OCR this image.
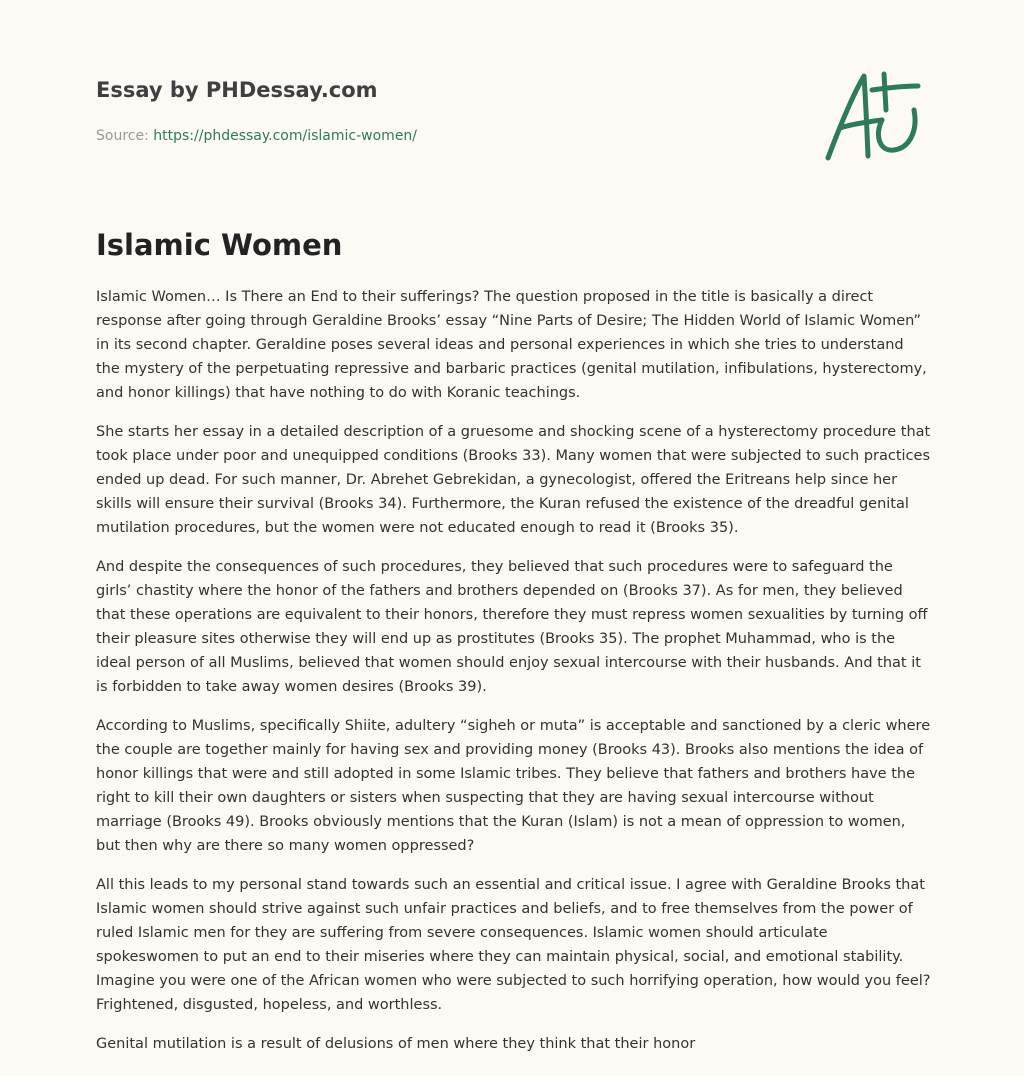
Essay by PHDessay.com
Source: https://phdessay.com/islamic-women/
Islamic Women

Islamic Women… Is There an End to their sufferings? The question proposed in the title is basically a direct response after going through Geraldine Brooks’ essay “Nine Parts of Desire; The Hidden World of Islamic Women” in its second chapter. Geraldine poses several ideas and personal experiences in which she tries to understand the mystery of the perpetuating repressive and barbaric practices (genital mutilation, infibulations, hysterectomy, and honor killings) that have nothing to do with Koranic teachings.

She starts her essay in a detailed description of a gruesome and shocking scene of a hysterectomy procedure that took place under poor and unequipped conditions (Brooks 33). Many women that were subjected to such practices ended up dead. For such manner, Dr. Abrehet Gebrekidan, a gynecologist, offered the Eritreans help since her skills will ensure their survival (Brooks 34). Furthermore, the Kuran refused the existence of the dreadful genital mutilation procedures, but the women were not educated enough to read it (Brooks 35).

And despite the consequences of such procedures, they believed that such procedures were to safeguard the girls’ chastity where the honor of the fathers and brothers depended on (Brooks 37). As for men, they believed that these operations are equivalent to their honors, therefore they must repress women sexualities by turning off their pleasure sites otherwise they will end up as prostitutes (Brooks 35). The prophet Muhammad, who is the ideal person of all Muslims, believed that women should enjoy sexual intercourse with their husbands. And that it is forbidden to take away women desires (Brooks 39).

According to Muslims, specifically Shiite, adultery “sigheh or muta” is acceptable and sanctioned by a cleric where the couple are together mainly for having sex and providing money (Brooks 43). Brooks also mentions the idea of honor killings that were and still adopted in some Islamic tribes. They believe that fathers and brothers have the right to kill their own daughters or sisters when suspecting that they are having sexual intercourse without marriage (Brooks 49). Brooks obviously mentions that the Kuran (Islam) is not a mean of oppression to women, but then why are there so many women oppressed?

All this leads to my personal stand towards such an essential and critical issue. I agree with Geraldine Brooks that Islamic women should strive against such unfair practices and beliefs, and to free themselves from the power of ruled Islamic men for they are suffering from severe consequences. Islamic women should articulate spokeswomen to put an end to their miseries where they can maintain physical, social, and emotional stability. Imagine you were one of the African women who were subjected to such horrifying operation, how would you feel? Frightened, disgusted, hopeless, and worthless.

Genital mutilation is a result of delusions of men where they think that their honor
